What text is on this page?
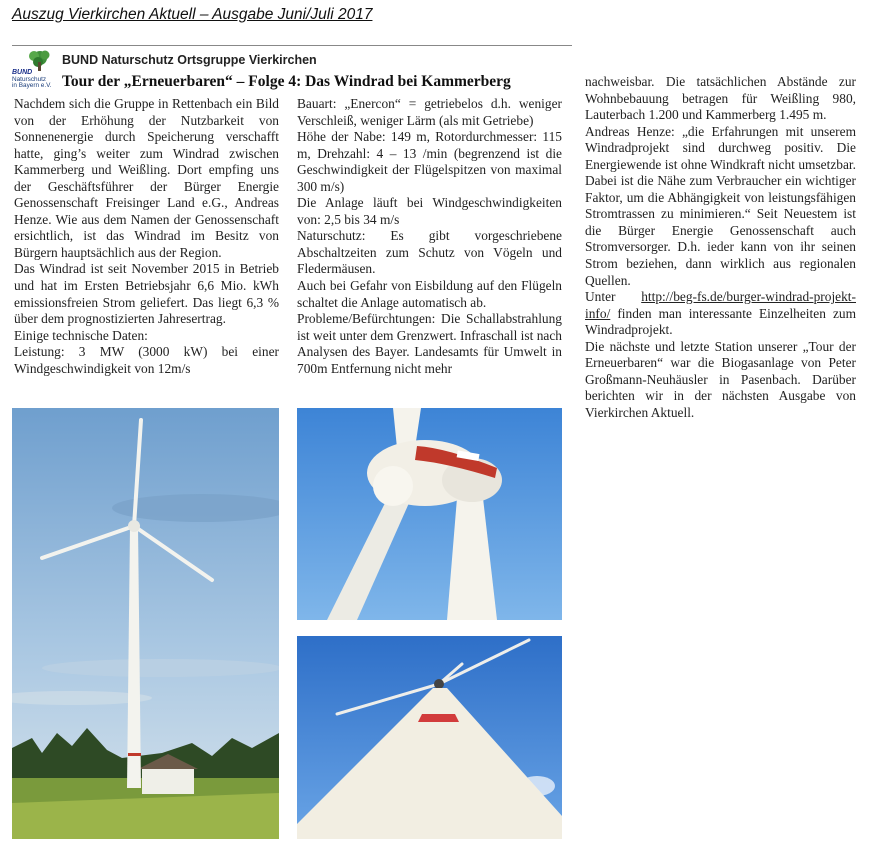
Auszug Vierkirchen Aktuell – Ausgabe Juni/Juli 2017
BUND
Naturschutz
in Bayern e.V.
BUND Naturschutz Ortsgruppe Vierkirchen
Tour der „Erneuerbaren“ – Folge 4: Das Windrad bei Kammerberg

Nachdem sich die Gruppe in Rettenbach ein Bild von der Erhöhung der Nutzbarkeit von Sonnenenergie durch Speicherung verschafft hatte, ging’s weiter zum Windrad zwischen Kammerberg und Weißling. Dort empfing uns der Geschäftsführer der Bürger Energie Genossenschaft Freisinger Land e.G., Andreas Henze. Wie aus dem Namen der Genossenschaft ersichtlich, ist das Windrad im Besitz von Bürgern hauptsächlich aus der Region.

Das Windrad ist seit November 2015 in Betrieb und hat im Ersten Betriebsjahr 6,6 Mio. kWh emissionsfreien Strom geliefert. Das liegt 6,3 % über dem prognostizierten Jahresertrag.

Einige technische Daten:

Leistung: 3 MW (3000 kW) bei einer Windgeschwindigkeit von 12m/s

Bauart: „Enercon“ = getriebelos d.h. weniger Verschleiß, weniger Lärm (als mit Getriebe)

Höhe der Nabe: 149 m, Rotordurchmesser: 115 m, Drehzahl: 4 – 13 /min (begrenzend ist die Geschwindigkeit der Flügelspitzen von maximal 300 m/s)

Die Anlage läuft bei Windgeschwindigkeiten von: 2,5 bis 34 m/s

Naturschutz: Es gibt vorgeschriebene Abschaltzeiten zum Schutz von Vögeln und Fledermäusen.

Auch bei Gefahr von Eisbildung auf den Flügeln schaltet die Anlage automatisch ab.

Probleme/Befürchtungen: Die Schallabstrahlung ist weit unter dem Grenzwert. Infraschall ist nach Analysen des Bayer. Landesamts für Umwelt in 700m Entfernung nicht mehr

nachweisbar. Die tatsächlichen Abstände zur Wohnbebauung betragen für Weißling 980, Lauterbach 1.200 und Kammerberg 1.495 m.

Andreas Henze: „die Erfahrungen mit unserem Windradprojekt sind durchweg positiv. Die Energiewende ist ohne Windkraft nicht umsetzbar. Dabei ist die Nähe zum Verbraucher ein wichtiger Faktor, um die Abhängigkeit von leistungsfähigen Stromtrassen zu minimieren.“ Seit Neuestem ist die Bürger Energie Genossenschaft auch Stromversorger. D.h. ieder kann von ihr seinen Strom beziehen, dann wirklich aus regionalen Quellen.

Unter http://beg-fs.de/burger-windrad-projekt-info/ finden man interessante Einzelheiten zum Windradprojekt.

Die nächste und letzte Station unserer „Tour der Erneuerbaren“ war die Biogasanlage von Peter Großmann-Neuhäusler in Pasenbach. Darüber berichten wir in der nächsten Ausgabe von Vierkirchen Aktuell.
